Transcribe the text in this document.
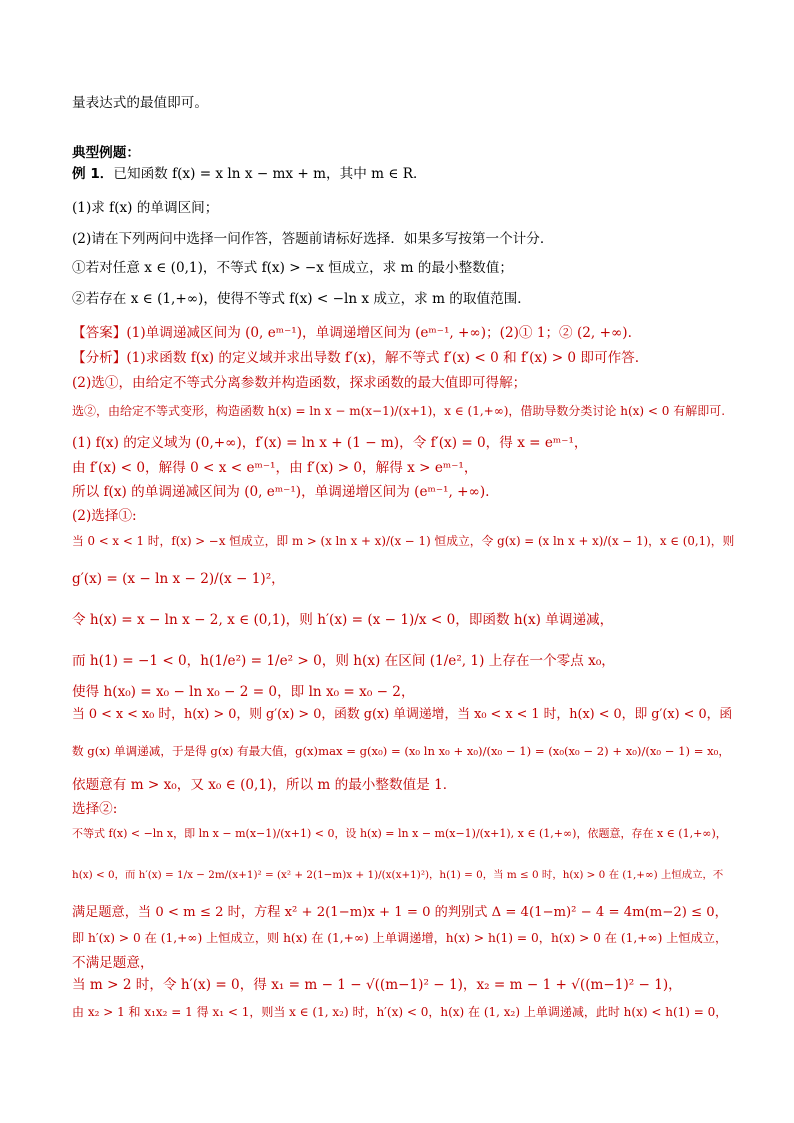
量表达式的最值即可。
典型例题：
例 1．已知函数 f(x) = x ln x − mx + m，其中 m ∈ R．
(1)求 f(x) 的单调区间；
(2)请在下列两问中选择一问作答，答题前请标好选择．如果多写按第一个计分．
①若对任意 x ∈ (0,1)，不等式 f(x) > −x 恒成立，求 m 的最小整数值；
②若存在 x ∈ (1,+∞)，使得不等式 f(x) < −ln x 成立，求 m 的取值范围．
【答案】(1)单调递减区间为 (0, eᵐ⁻¹)，单调递增区间为 (eᵐ⁻¹, +∞)；(2)① 1；② (2, +∞).
【分析】(1)求函数 f(x) 的定义域并求出导数 f′(x)，解不等式 f′(x) < 0 和 f′(x) > 0 即可作答.
(2)选①，由给定不等式分离参数并构造函数，探求函数的最大值即可得解；
选②，由给定不等式变形，构造函数 h(x) = ln x − m(x−1)/(x+1)，x ∈ (1,+∞)，借助导数分类讨论 h(x) < 0 有解即可.
(1) f(x) 的定义域为 (0,+∞)，f′(x) = ln x + (1 − m)，令 f′(x) = 0，得 x = eᵐ⁻¹，
由 f′(x) < 0，解得 0 < x < eᵐ⁻¹，由 f′(x) > 0，解得 x > eᵐ⁻¹，
所以 f(x) 的单调递减区间为 (0, eᵐ⁻¹)，单调递增区间为 (eᵐ⁻¹, +∞).
(2)选择①:
当 0 < x < 1 时，f(x) > −x 恒成立，即 m > (x ln x + x)/(x − 1) 恒成立，令 g(x) = (x ln x + x)/(x − 1)，x ∈ (0,1)，则
g′(x) = (x − ln x − 2)/(x − 1)²，
令 h(x) = x − ln x − 2, x ∈ (0,1)，则 h′(x) = (x − 1)/x < 0，即函数 h(x) 单调递减，
而 h(1) = −1 < 0，h(1/e²) = 1/e² > 0，则 h(x) 在区间 (1/e², 1) 上存在一个零点 x₀，
使得 h(x₀) = x₀ − ln x₀ − 2 = 0，即 ln x₀ = x₀ − 2，
当 0 < x < x₀ 时，h(x) > 0，则 g′(x) > 0，函数 g(x) 单调递增，当 x₀ < x < 1 时，h(x) < 0，即 g′(x) < 0，函
数 g(x) 单调递减，于是得 g(x) 有最大值，g(x)max = g(x₀) = (x₀ ln x₀ + x₀)/(x₀ − 1) = (x₀(x₀ − 2) + x₀)/(x₀ − 1) = x₀，
依题意有 m > x₀，又 x₀ ∈ (0,1)，所以 m 的最小整数值是 1．
选择②:
不等式 f(x) < −ln x，即 ln x − m(x−1)/(x+1) < 0，设 h(x) = ln x − m(x−1)/(x+1), x ∈ (1,+∞)，依题意，存在 x ∈ (1,+∞)，
h(x) < 0，而 h′(x) = 1/x − 2m/(x+1)² = (x² + 2(1−m)x + 1)/(x(x+1)²)，h(1) = 0，当 m ≤ 0 时，h(x) > 0 在 (1,+∞) 上恒成立，不
满足题意，当 0 < m ≤ 2 时，方程 x² + 2(1−m)x + 1 = 0 的判别式 Δ = 4(1−m)² − 4 = 4m(m−2) ≤ 0，
即 h′(x) > 0 在 (1,+∞) 上恒成立，则 h(x) 在 (1,+∞) 上单调递增，h(x) > h(1) = 0，h(x) > 0 在 (1,+∞) 上恒成立，
不满足题意，
当 m > 2 时，令 h′(x) = 0，得 x₁ = m − 1 − √((m−1)² − 1)，x₂ = m − 1 + √((m−1)² − 1)，
由 x₂ > 1 和 x₁x₂ = 1 得 x₁ < 1，则当 x ∈ (1, x₂) 时，h′(x) < 0，h(x) 在 (1, x₂) 上单调递减，此时 h(x) < h(1) = 0，
